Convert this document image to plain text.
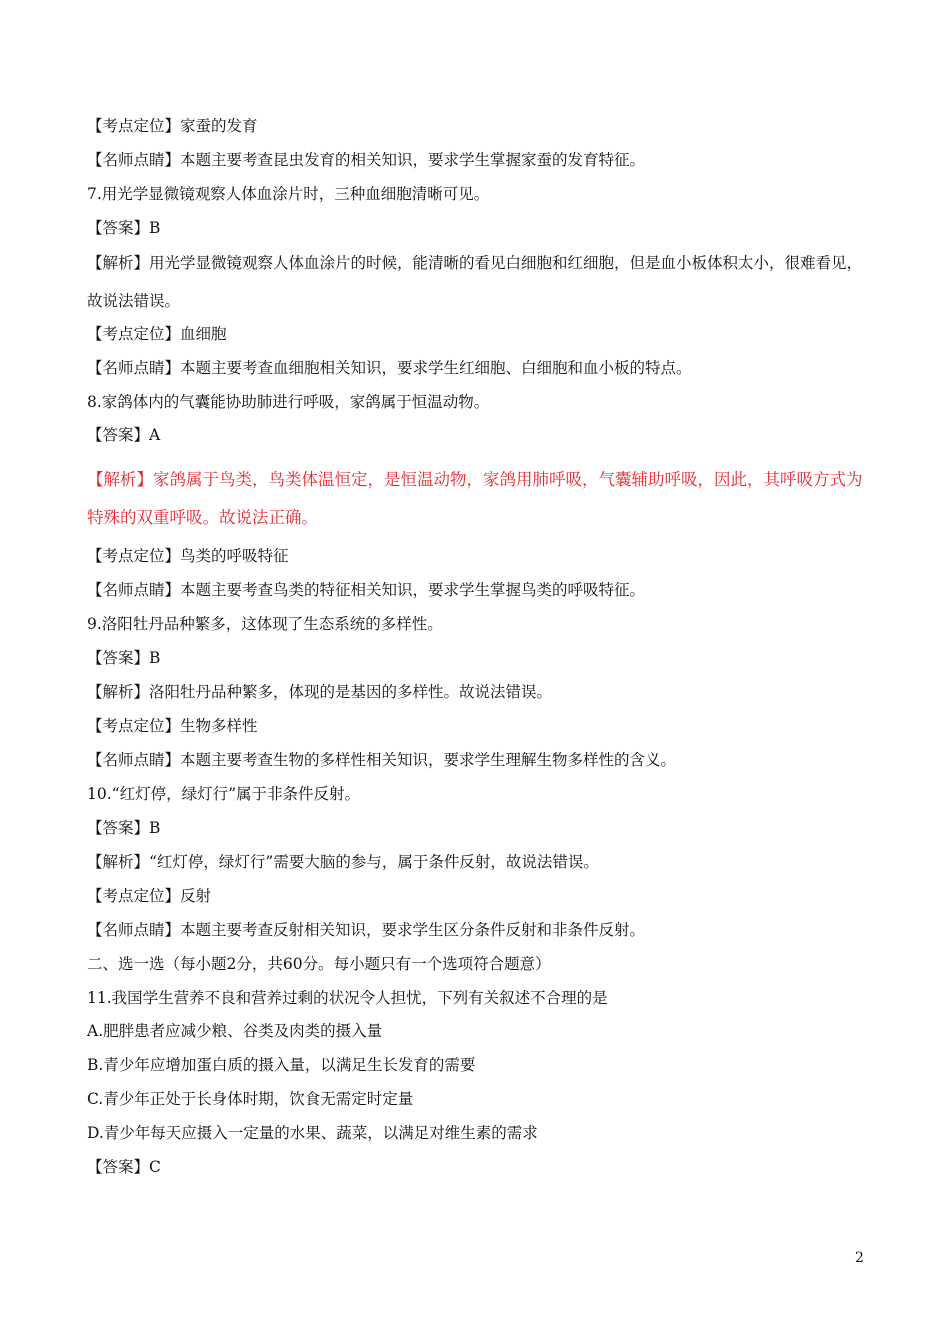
【考点定位】家蚕的发育
【名师点睛】本题主要考查昆虫发育的相关知识，要求学生掌握家蚕的发育特征。
7.用光学显微镜观察人体血涂片时，三种血细胞清晰可见。
【答案】B
【解析】用光学显微镜观察人体血涂片的时候，能清晰的看见白细胞和红细胞，但是血小板体积太小，很难看见，故说法错误。
【考点定位】血细胞
【名师点睛】本题主要考查血细胞相关知识，要求学生红细胞、白细胞和血小板的特点。
8.家鸽体内的气囊能协助肺进行呼吸，家鸽属于恒温动物。
【答案】A
【解析】家鸽属于鸟类，鸟类体温恒定，是恒温动物，家鸽用肺呼吸，气囊辅助呼吸，因此，其呼吸方式为特殊的双重呼吸。故说法正确。
【考点定位】鸟类的呼吸特征
【名师点睛】本题主要考查鸟类的特征相关知识，要求学生掌握鸟类的呼吸特征。
9.洛阳牡丹品种繁多，这体现了生态系统的多样性。
【答案】B
【解析】洛阳牡丹品种繁多，体现的是基因的多样性。故说法错误。
【考点定位】生物多样性
【名师点睛】本题主要考查生物的多样性相关知识，要求学生理解生物多样性的含义。
10.“红灯停，绿灯行”属于非条件反射。
【答案】B
【解析】“红灯停，绿灯行”需要大脑的参与，属于条件反射，故说法错误。
【考点定位】反射
【名师点睛】本题主要考查反射相关知识，要求学生区分条件反射和非条件反射。
二、选一选（每小题2分，共60分。每小题只有一个选项符合题意）
11.我国学生营养不良和营养过剩的状况令人担忧，下列有关叙述不合理的是
A.肥胖患者应减少粮、谷类及肉类的摄入量
B.青少年应增加蛋白质的摄入量，以满足生长发育的需要
C.青少年正处于长身体时期，饮食无需定时定量
D.青少年每天应摄入一定量的水果、蔬菜，以满足对维生素的需求
【答案】C
2
